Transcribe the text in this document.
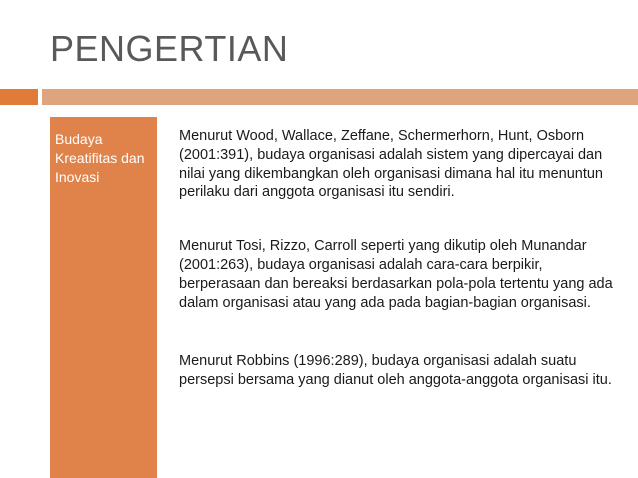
PENGERTIAN

Budaya Kreatifitas dan Inovasi

Menurut Wood, Wallace, Zeffane, Schermerhorn, Hunt, Osborn (2001:391), budaya organisasi adalah sistem yang dipercayai dan nilai yang dikembangkan oleh organisasi dimana hal itu menuntun perilaku dari anggota organisasi itu sendiri.

Menurut Tosi, Rizzo, Carroll seperti yang dikutip oleh Munandar (2001:263), budaya organisasi adalah cara-cara berpikir, berperasaan dan bereaksi berdasarkan pola-pola tertentu yang ada dalam organisasi atau yang ada pada bagian-bagian organisasi.

Menurut Robbins (1996:289), budaya organisasi adalah suatu persepsi bersama yang dianut oleh anggota-anggota organisasi itu.
